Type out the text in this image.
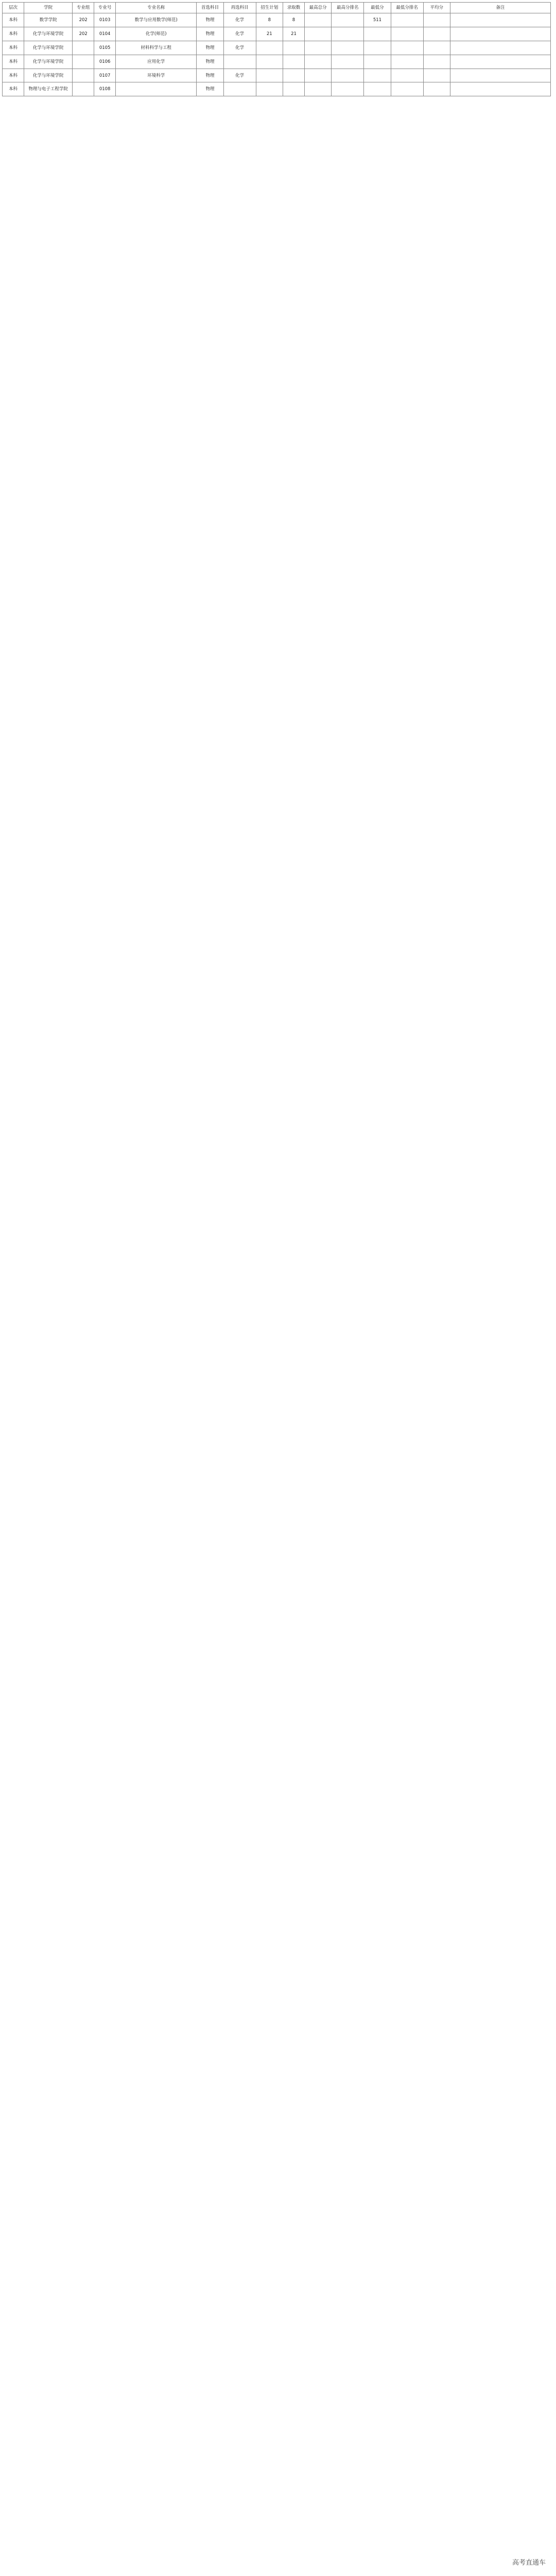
层次	学院	专业组	专业号	专业名称	首选科目	再选科目	招生计划	录取数	最高总分	最高分排名	最低分	最低分排名	平均分	备注
本科	数学学院	202	0103	数学与应用数学(师范)	物理	化学	8	8			511			
本科	化学与环境学院	202	0104	化学(师范)	物理	化学	21	21						
本科	化学与环境学院		0105	材料科学与工程	物理	化学								
本科	化学与环境学院		0106	应用化学	物理									
本科	化学与环境学院		0107	环境科学	物理	化学								
本科	物理与电子工程学院		0108		物理									
高考直通车
